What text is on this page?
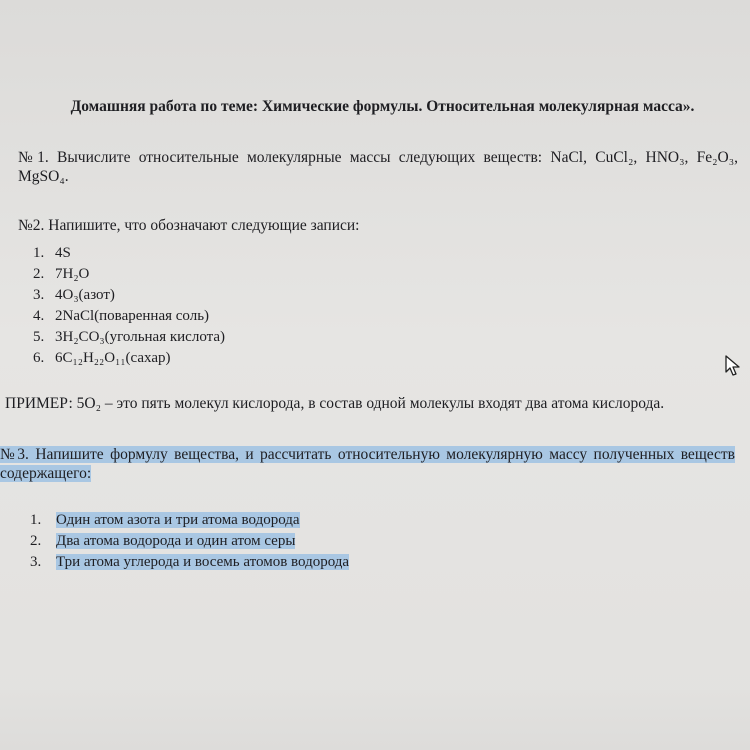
Домашняя работа по теме: Химические формулы. Относительная молекулярная масса».
№1. Вычислите относительные молекулярные массы следующих веществ: NaCl, CuCl₂, HNO₃, Fe₂O₃, MgSO₄.
№2. Напишите, что обозначают следующие записи:
1. 4S
2. 7H₂O
3. 4O₃(азот)
4. 2NaCl(поваренная соль)
5. 3H₂CO₃(угольная кислота)
6. 6C₁₂H₂₂O₁₁(сахар)
ПРИМЕР: 5O₂ – это пять молекул кислорода, в состав одной молекулы входят два атома кислорода.
№3. Напишите формулу вещества, и рассчитать относительную молекулярную массу полученных веществ содержащего:
1. Один атом азота и три атома водорода
2. Два атома водорода и один атом серы
3. Три атома углерода и восемь атомов водорода
